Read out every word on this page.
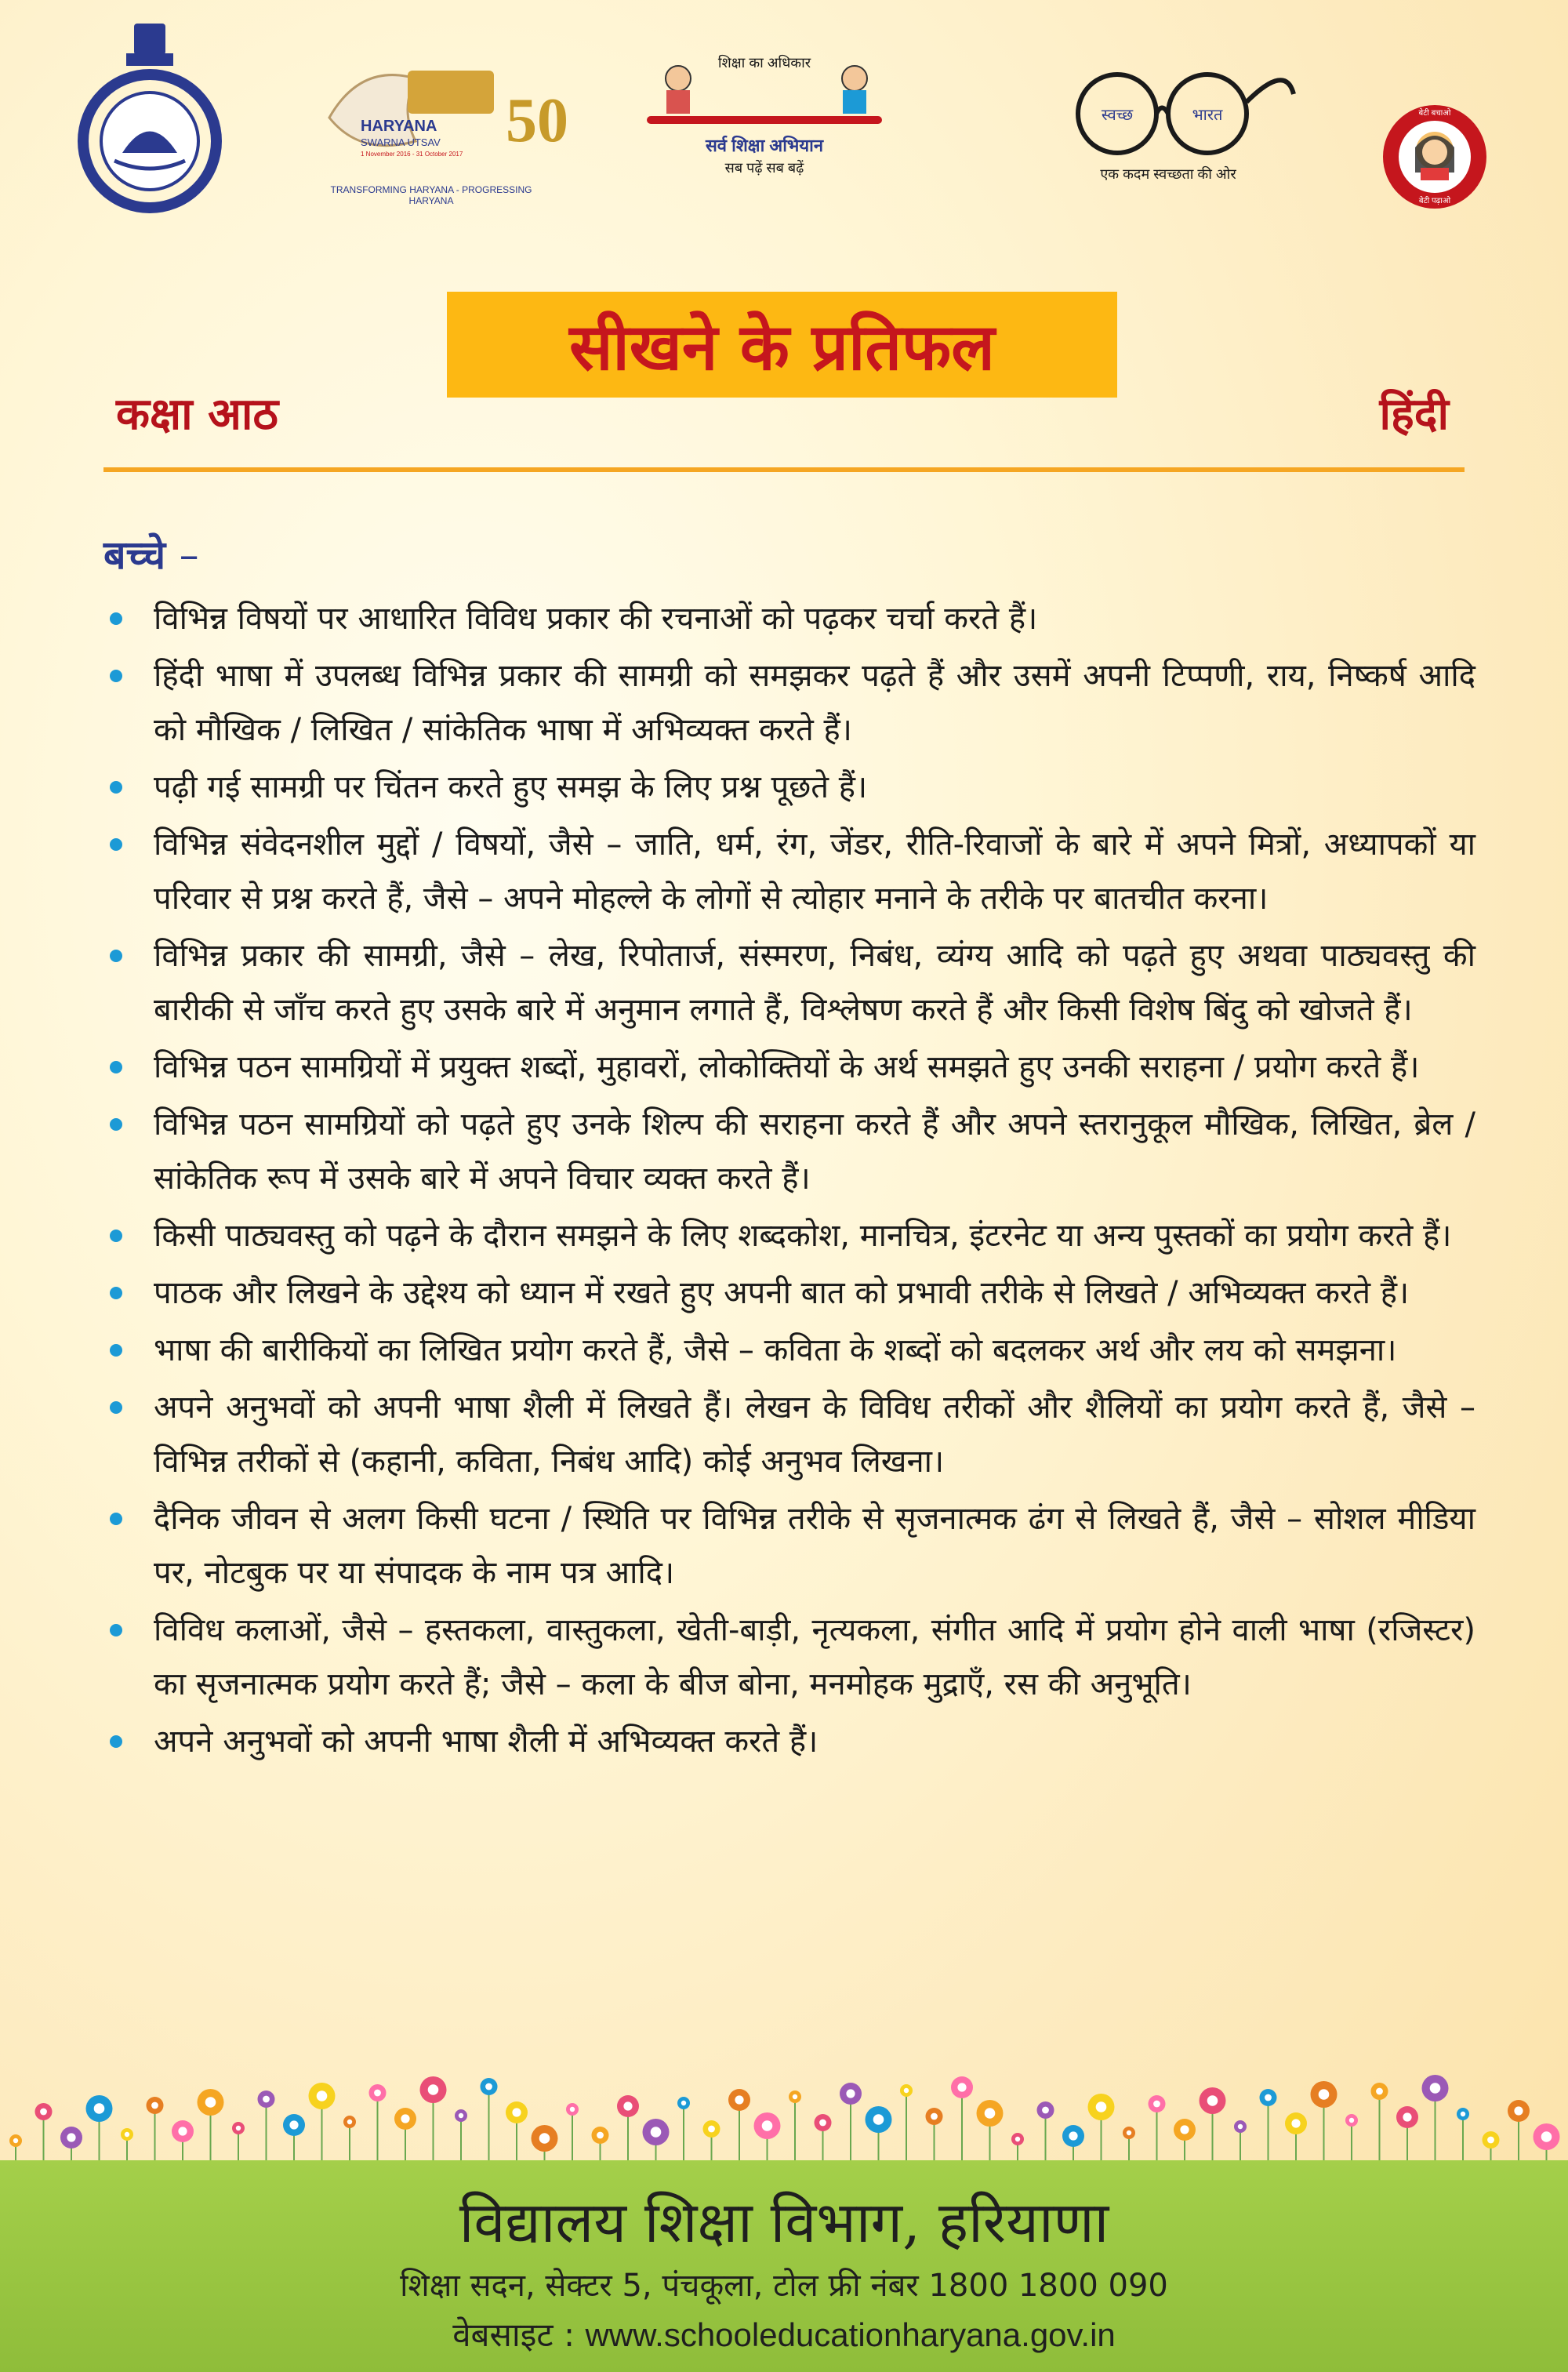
50
HARYANA
SWARNA UTSAV
1 November 2016 - 31 October 2017
TRANSFORMING HARYANA - PROGRESSING HARYANA
शिक्षा का अधिकार
सर्व शिक्षा अभियान
सब पढ़ें सब बढ़ें
स्वच्छ	भारत
एक कदम स्वच्छता की ओर
बेटी बचाओ
बेटी पढ़ाओ
सीखने के प्रतिफल
कक्षा आठ	हिंदी
बच्चे –
विभिन्न विषयों पर आधारित विविध प्रकार की रचनाओं को पढ़कर चर्चा करते हैं।
हिंदी भाषा में उपलब्ध विभिन्न प्रकार की सामग्री को समझकर पढ़ते हैं और उसमें अपनी टिप्पणी, राय, निष्कर्ष आदि को मौखिक / लिखित / सांकेतिक भाषा में अभिव्यक्त करते हैं।
पढ़ी गई सामग्री पर चिंतन करते हुए समझ के लिए प्रश्न पूछते हैं।
विभिन्न संवेदनशील मुद्दों / विषयों, जैसे – जाति, धर्म, रंग, जेंडर, रीति-रिवाजों के बारे में अपने मित्रों, अध्यापकों या परिवार से प्रश्न करते हैं, जैसे – अपने मोहल्ले के लोगों से त्योहार मनाने के तरीके पर बातचीत करना।
विभिन्न प्रकार की सामग्री, जैसे – लेख, रिपोतार्ज, संस्मरण, निबंध, व्यंग्य आदि को पढ़ते हुए अथवा पाठ्यवस्तु की बारीकी से जाँच करते हुए उसके बारे में अनुमान लगाते हैं, विश्लेषण करते हैं और किसी विशेष बिंदु को खोजते हैं।
विभिन्न पठन सामग्रियों में प्रयुक्त शब्दों, मुहावरों, लोकोक्तियों के अर्थ समझते हुए उनकी सराहना / प्रयोग करते हैं।
विभिन्न पठन सामग्रियों को पढ़ते हुए उनके शिल्प की सराहना करते हैं और अपने स्तरानुकूल मौखिक, लिखित, ब्रेल / सांकेतिक रूप में उसके बारे में अपने विचार व्यक्त करते हैं।
किसी पाठ्यवस्तु को पढ़ने के दौरान समझने के लिए शब्दकोश, मानचित्र, इंटरनेट या अन्य पुस्तकों का प्रयोग करते हैं।
पाठक और लिखने के उद्देश्य को ध्यान में रखते हुए अपनी बात को प्रभावी तरीके से लिखते / अभिव्यक्त करते हैं।
भाषा की बारीकियों का लिखित प्रयोग करते हैं, जैसे – कविता के शब्दों को बदलकर अर्थ और लय को समझना।
अपने अनुभवों को अपनी भाषा शैली में लिखते हैं। लेखन के विविध तरीकों और शैलियों का प्रयोग करते हैं, जैसे – विभिन्न तरीकों से (कहानी, कविता, निबंध आदि) कोई अनुभव लिखना।
दैनिक जीवन से अलग किसी घटना / स्थिति पर विभिन्न तरीके से सृजनात्मक ढंग से लिखते हैं, जैसे – सोशल मीडिया पर, नोटबुक पर या संपादक के नाम पत्र आदि।
विविध कलाओं, जैसे – हस्तकला, वास्तुकला, खेती-बाड़ी, नृत्यकला, संगीत आदि में प्रयोग होने वाली भाषा (रजिस्टर) का सृजनात्मक प्रयोग करते हैं; जैसे – कला के बीज बोना, मनमोहक मुद्राएँ, रस की अनुभूति।
अपने अनुभवों को अपनी भाषा शैली में अभिव्यक्त करते हैं।
विद्यालय शिक्षा विभाग, हरियाणा
शिक्षा सदन, सेक्टर 5, पंचकूला, टोल फ्री नंबर 1800 1800 090
वेबसाइट : www.schooleducationharyana.gov.in
